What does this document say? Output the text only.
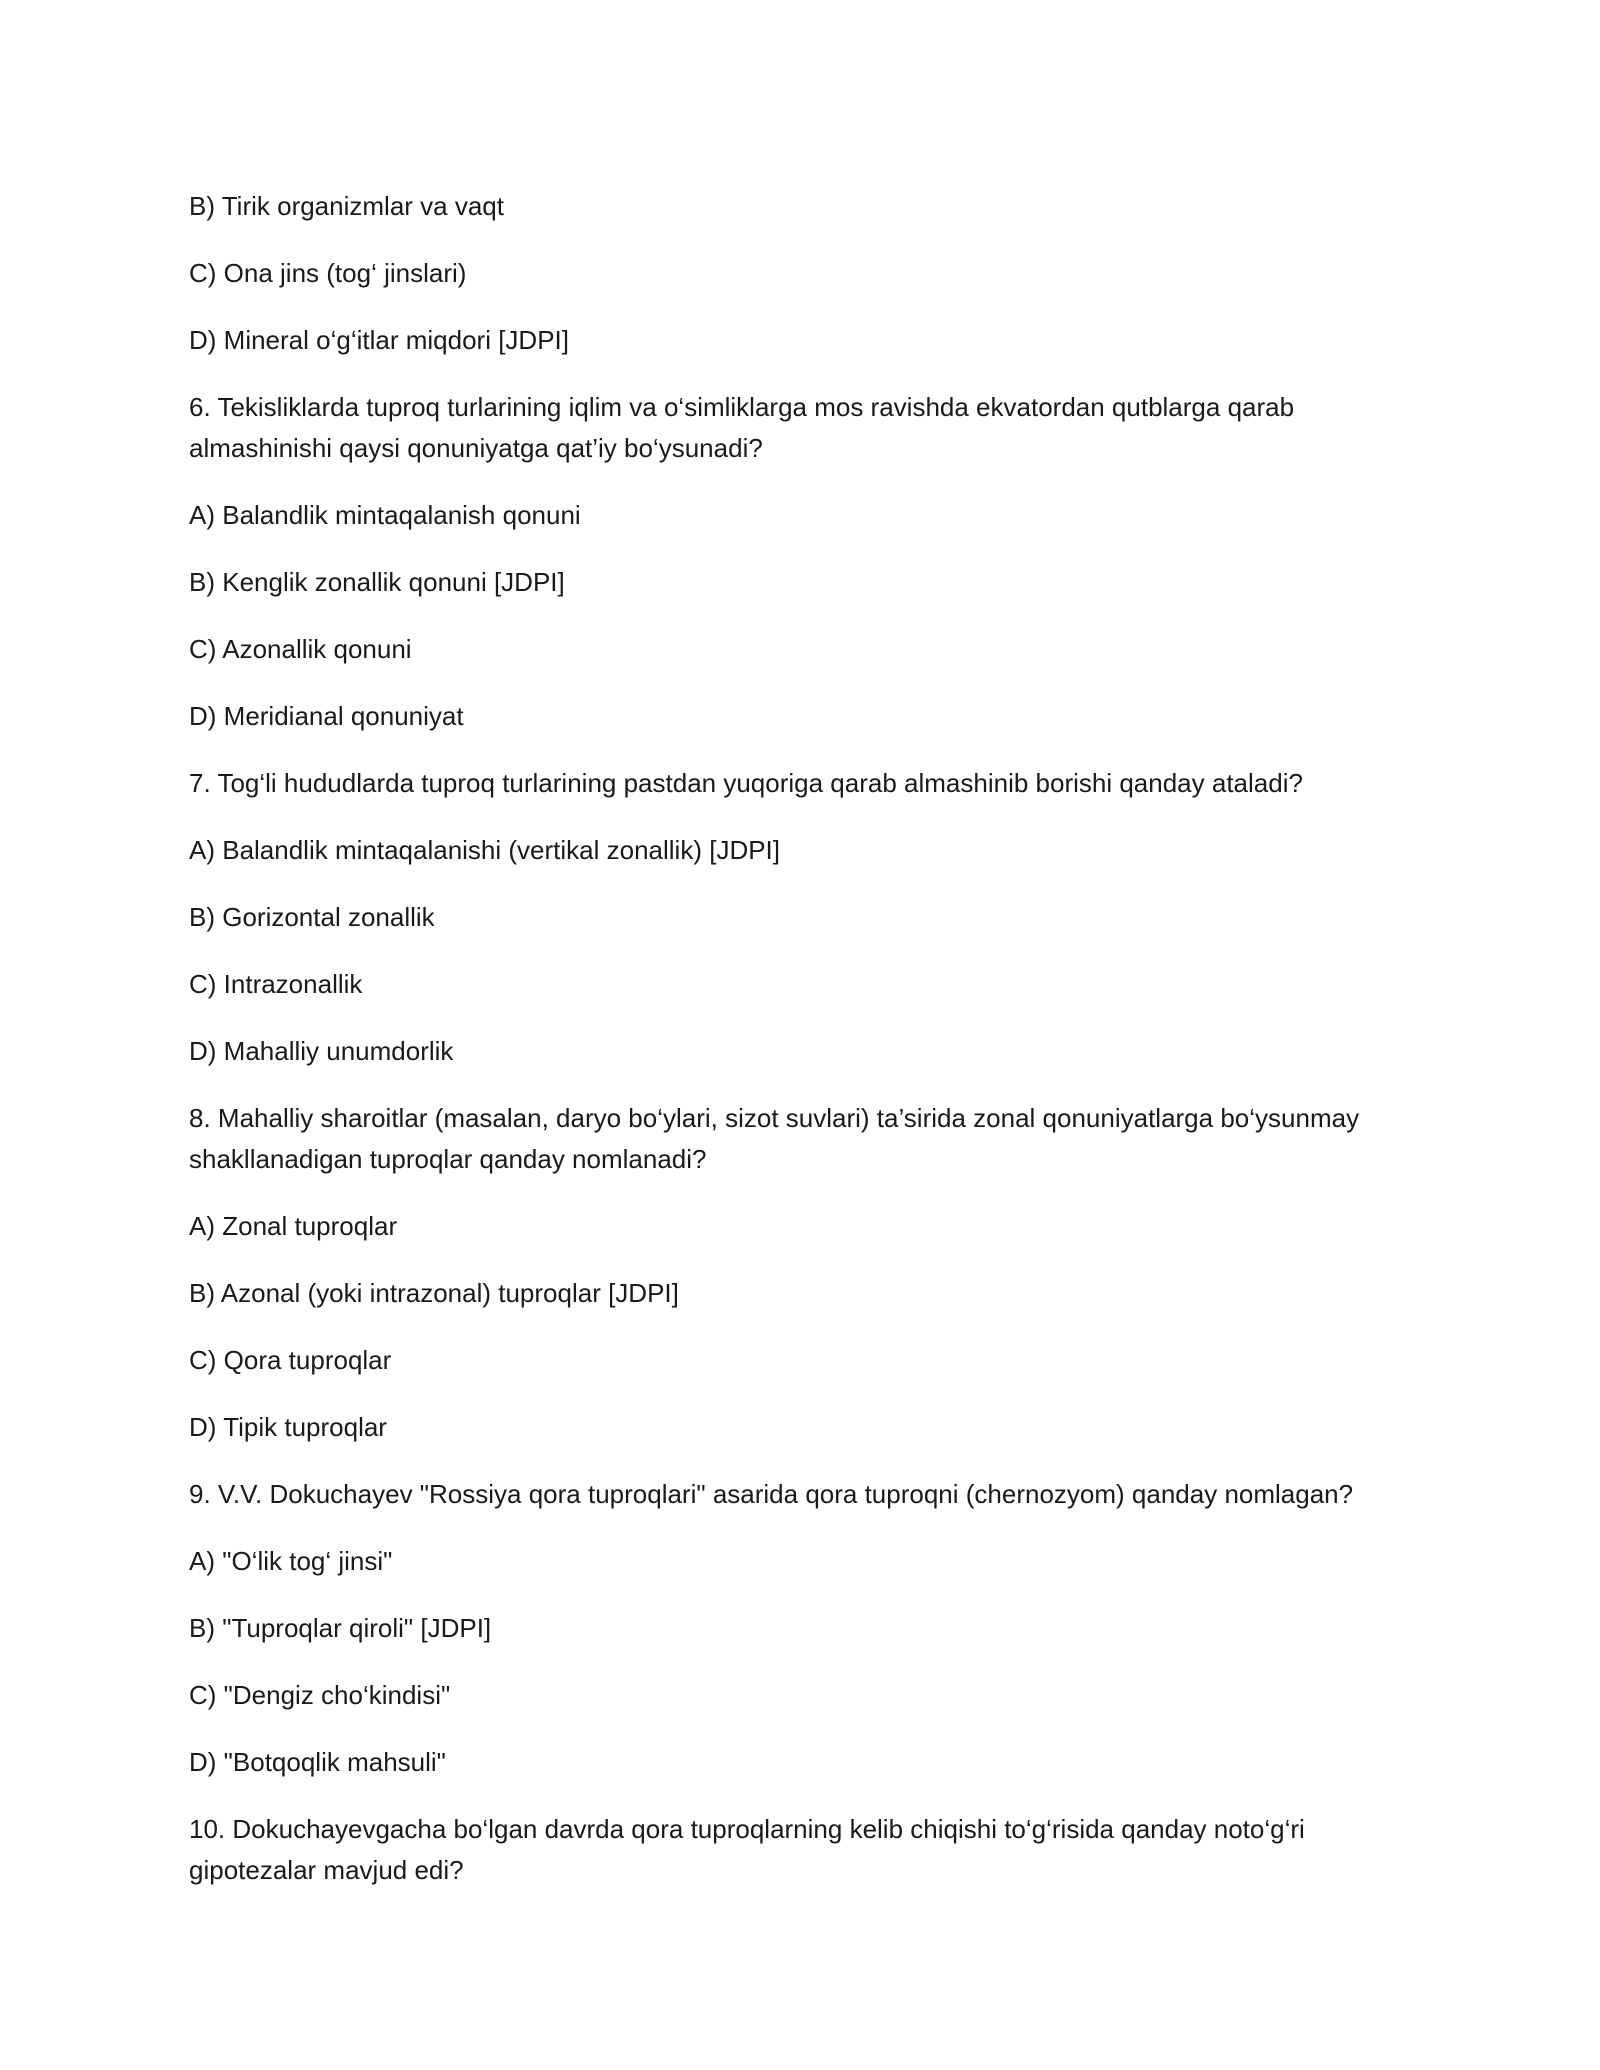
B) Tirik organizmlar va vaqt

C) Ona jins (tog‘ jinslari)

D) Mineral o‘g‘itlar miqdori [JDPI]

6. Tekisliklarda tuproq turlarining iqlim va o‘simliklarga mos ravishda ekvatordan qutblarga qarab almashinishi qaysi qonuniyatga qat’iy bo‘ysunadi?

A) Balandlik mintaqalanish qonuni

B) Kenglik zonallik qonuni [JDPI]

C) Azonallik qonuni

D) Meridianal qonuniyat

7. Tog‘li hududlarda tuproq turlarining pastdan yuqoriga qarab almashinib borishi qanday ataladi?

A) Balandlik mintaqalanishi (vertikal zonallik) [JDPI]

B) Gorizontal zonallik

C) Intrazonallik

D) Mahalliy unumdorlik

8. Mahalliy sharoitlar (masalan, daryo bo‘ylari, sizot suvlari) ta’sirida zonal qonuniyatlarga bo‘ysunmay shakllanadigan tuproqlar qanday nomlanadi?

A) Zonal tuproqlar

B) Azonal (yoki intrazonal) tuproqlar [JDPI]

C) Qora tuproqlar

D) Tipik tuproqlar

9. V.V. Dokuchayev "Rossiya qora tuproqlari" asarida qora tuproqni (chernozyom) qanday nomlagan?

A) "O‘lik tog‘ jinsi"

B) "Tuproqlar qiroli" [JDPI]

C) "Dengiz cho‘kindisi"

D) "Botqoqlik mahsuli"

10. Dokuchayevgacha bo‘lgan davrda qora tuproqlarning kelib chiqishi to‘g‘risida qanday noto‘g‘ri gipotezalar mavjud edi?
